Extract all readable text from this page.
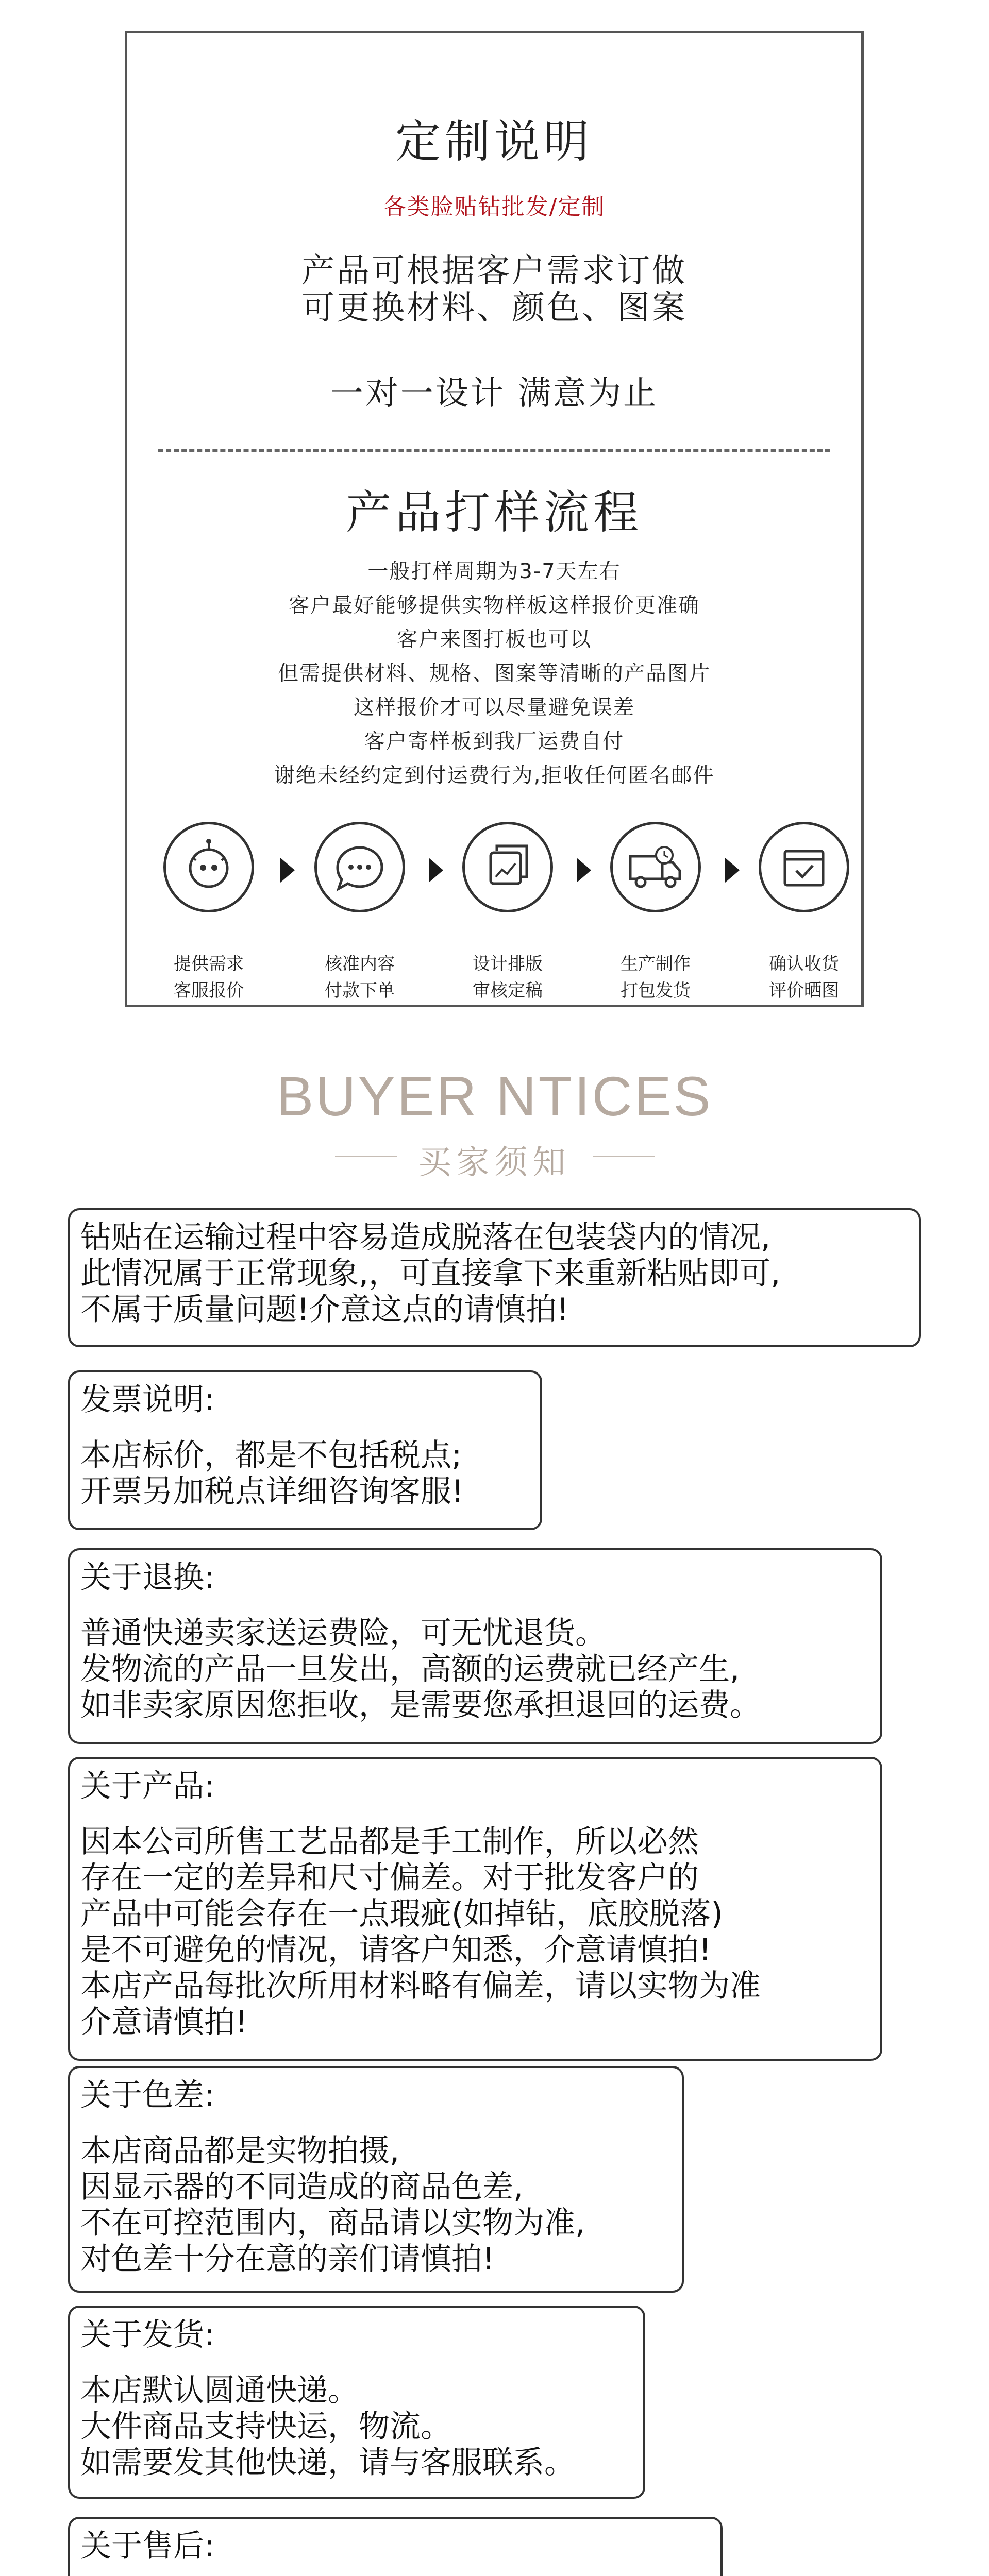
定制说明
各类脸贴钻批发/定制
产品可根据客户需求订做
可更换材料、颜色、图案
一对一设计 满意为止
产品打样流程
一般打样周期为3-7天左右
客户最好能够提供实物样板这样报价更准确
客户来图打板也可以
但需提供材料、规格、图案等清晰的产品图片
这样报价才可以尽量避免误差
客户寄样板到我厂运费自付
谢绝未经约定到付运费行为,拒收任何匿名邮件
提供需求
客服报价
核准内容
付款下单
设计排版
审核定稿
生产制作
打包发货
确认收货
评价晒图
BUYER NTICES
买家须知
钻贴在运输过程中容易造成脱落在包装袋内的情况,
此情况属于正常现象,，可直接拿下来重新粘贴即可,
不属于质量问题!介意这点的请慎拍!
发票说明:
本店标价，都是不包括税点;
开票另加税点详细咨询客服!
关于退换:
普通快递卖家送运费险，可无忧退货。
发物流的产品一旦发出，高额的运费就已经产生,
如非卖家原因您拒收，是需要您承担退回的运费。
关于产品:
因本公司所售工艺品都是手工制作，所以必然
存在一定的差异和尺寸偏差。对于批发客户的
产品中可能会存在一点瑕疵(如掉钻，底胶脱落)
是不可避免的情况，请客户知悉，介意请慎拍!
本店产品每批次所用材料略有偏差，请以实物为准
介意请慎拍!
关于色差:
本店商品都是实物拍摄,
因显示器的不同造成的商品色差,
不在可控范围内，商品请以实物为准,
对色差十分在意的亲们请慎拍!
关于发货:
本店默认圆通快递。
大件商品支持快运，物流。
如需要发其他快递，请与客服联系。
关于售后:
